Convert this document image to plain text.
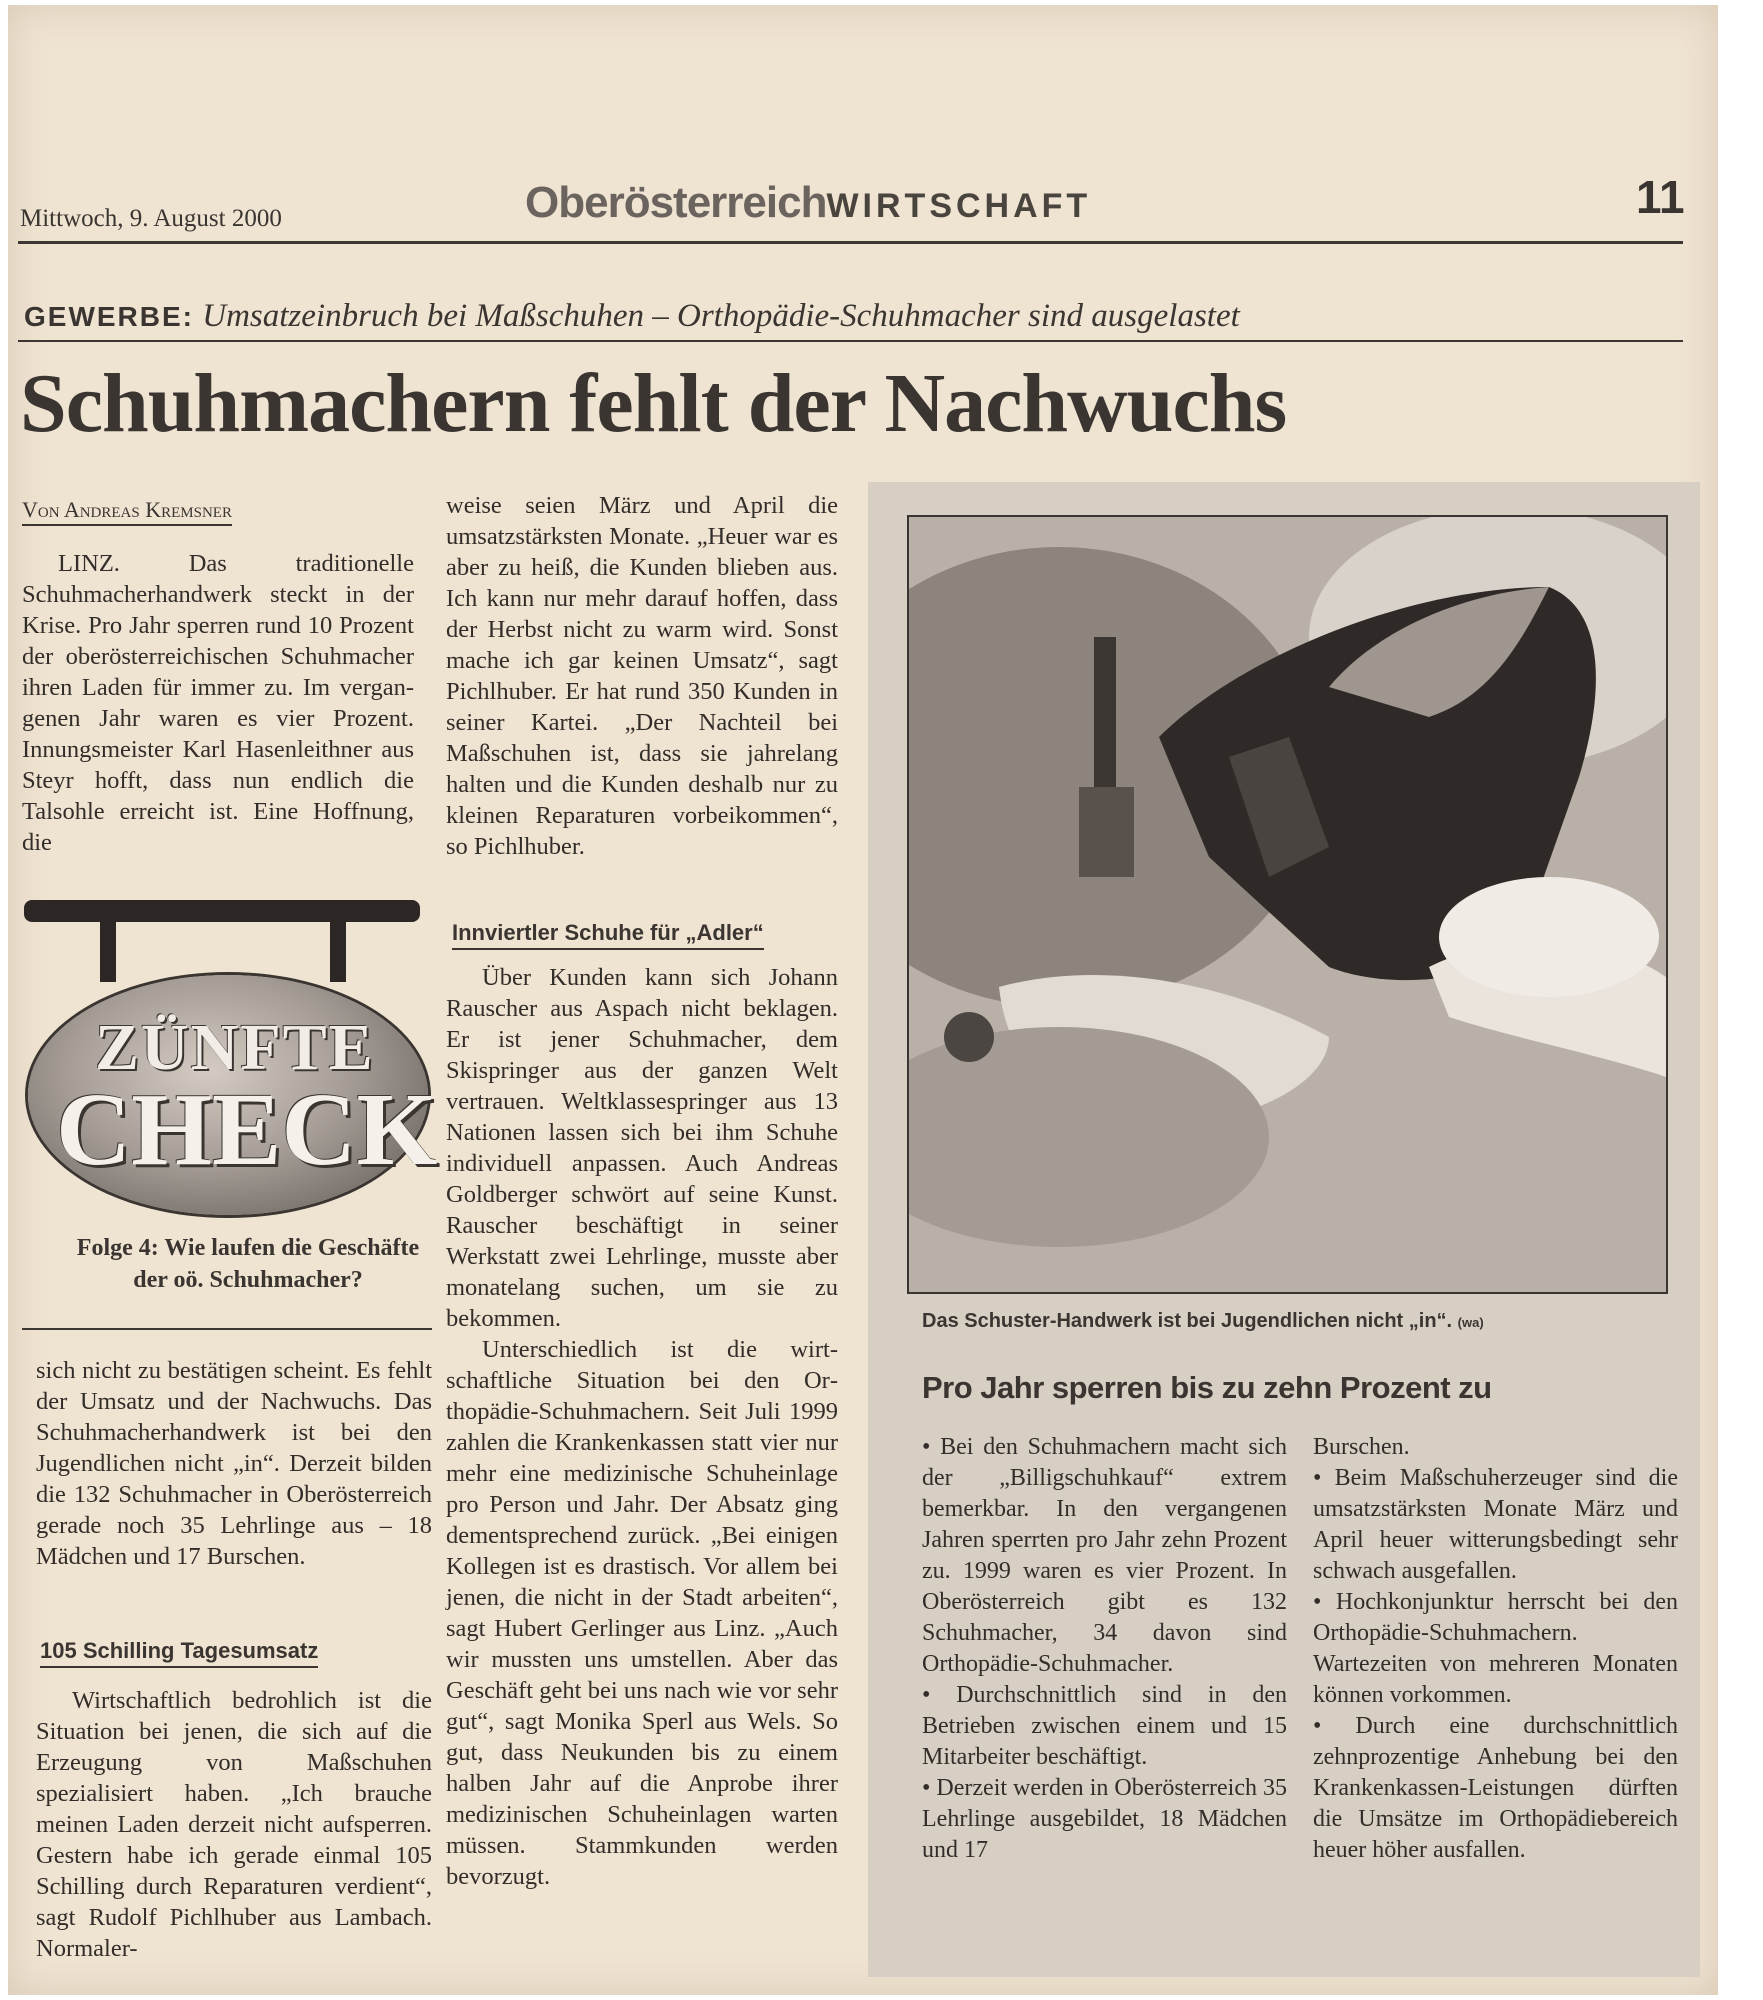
Mittwoch, 9. August 2000	OberösterreichWIRTSCHAFT	11
GEWERBE: Umsatzeinbruch bei Maßschuhen – Orthopädie-Schuhmacher sind ausgelastet
Schuhmachern fehlt der Nachwuchs
Von Andreas Kremsner

LINZ. Das traditionelle Schuhmacherhandwerk steckt in der Krise. Pro Jahr sperren rund 10 Prozent der oberösterreichischen Schuhmacher ihren Laden für immer zu. Im vergangenen Jahr waren es vier Prozent. Innungsmeister Karl Hasenleithner aus Steyr hofft, dass nun endlich die Talsohle erreicht ist. Eine Hoffnung, die

ZÜNFTE
CHECK
Folge 4: Wie laufen die Geschäfte der oö. Schuhmacher?

sich nicht zu bestätigen scheint. Es fehlt der Umsatz und der Nachwuchs. Das Schuhmacherhandwerk ist bei den Jugendlichen nicht „in“. Derzeit bilden die 132 Schuhmacher in Oberösterreich gerade noch 35 Lehrlinge aus – 18 Mädchen und 17 Burschen.

105 Schilling Tagesumsatz

Wirtschaftlich bedrohlich ist die Situation bei jenen, die sich auf die Erzeugung von Maßschuhen spezialisiert haben. „Ich brauche meinen Laden derzeit nicht aufsperren. Gestern habe ich gerade einmal 105 Schilling durch Reparaturen verdient“, sagt Rudolf Pichlhuber aus Lambach. Normaler-

weise seien März und April die umsatzstärksten Monate. „Heuer war es aber zu heiß, die Kunden blieben aus. Ich kann nur mehr darauf hoffen, dass der Herbst nicht zu warm wird. Sonst mache ich gar keinen Umsatz“, sagt Pichlhuber. Er hat rund 350 Kunden in seiner Kartei. „Der Nachteil bei Maßschuhen ist, dass sie jahrelang halten und die Kunden deshalb nur zu kleinen Reparaturen vorbeikommen“, so Pichlhuber.

Innviertler Schuhe für „Adler“

Über Kunden kann sich Johann Rauscher aus Aspach nicht beklagen. Er ist jener Schuhmacher, dem Skispringer aus der ganzen Welt vertrauen. Weltklassespringer aus 13 Nationen lassen sich bei ihm Schuhe individuell anpassen. Auch Andreas Goldberger schwört auf seine Kunst. Rauscher beschäftigt in seiner Werkstatt zwei Lehrlinge, musste aber monatelang suchen, um sie zu bekommen.

Unterschiedlich ist die wirtschaftliche Situation bei den Orthopädie-Schuhmachern. Seit Juli 1999 zahlen die Krankenkassen statt vier nur mehr eine medizinische Schuheinlage pro Person und Jahr. Der Absatz ging dementsprechend zurück. „Bei einigen Kollegen ist es drastisch. Vor allem bei jenen, die nicht in der Stadt arbeiten“, sagt Hubert Gerlinger aus Linz. „Auch wir mussten uns umstellen. Aber das Geschäft geht bei uns nach wie vor sehr gut“, sagt Monika Sperl aus Wels. So gut, dass Neukunden bis zu einem halben Jahr auf die Anprobe ihrer medizinischen Schuheinlagen warten müssen. Stammkunden werden bevorzugt.

Das Schuster-Handwerk ist bei Jugendlichen nicht „in“. (wa)
Pro Jahr sperren bis zu zehn Prozent zu

• Bei den Schuhmachern macht sich der „Billigschuhkauf“ extrem bemerkbar. In den vergangenen Jahren sperrten pro Jahr zehn Prozent zu. 1999 waren es vier Prozent. In Oberösterreich gibt es 132 Schuhmacher, 34 davon sind Orthopädie-Schuhmacher.

• Durchschnittlich sind in den Betrieben zwischen einem und 15 Mitarbeiter beschäftigt.

• Derzeit werden in Oberösterreich 35 Lehrlinge ausgebildet, 18 Mädchen und 17

Burschen.

• Beim Maßschuherzeuger sind die umsatzstärksten Monate März und April heuer witterungsbedingt sehr schwach ausgefallen.

• Hochkonjunktur herrscht bei den Orthopädie-Schuhmachern. Wartezeiten von mehreren Monaten können vorkommen.

• Durch eine durchschnittlich zehnprozentige Anhebung bei den Krankenkassen-Leistungen dürften die Umsätze im Orthopädiebereich heuer höher ausfallen.
